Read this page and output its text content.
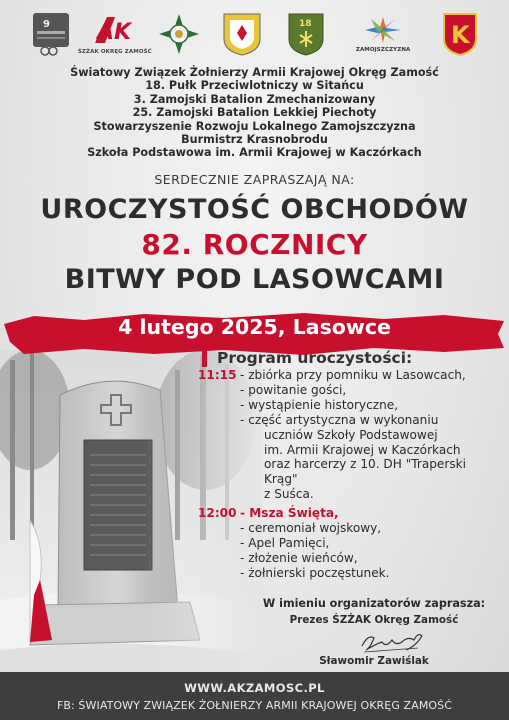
9 AK
ŚZŻAK OKRĘG ZAMOŚĆ
18
ZAMOJSZCZYZNA
K
Światowy Związek Żołnierzy Armii Krajowej Okręg Zamość
18. Pułk Przeciwlotniczy w Sitańcu
3. Zamojski Batalion Zmechanizowany
25. Zamojski Batalion Lekkiej Piechoty
Stowarzyszenie Rozwoju Lokalnego Zamojszczyzna
Burmistrz Krasnobrodu
Szkoła Podstawowa im. Armii Krajowej w Kaczórkach
SERDECZNIE ZAPRASZAJĄ NA:
UROCZYSTOŚĆ OBCHODÓW
82. ROCZNICY
BITWY POD LASOWCAMI
4 lutego 2025, Lasowce
Program uroczystości:
11:15 - zbiórka przy pomniku w Lasowcach,
- powitanie gości,
- wystąpienie historyczne,
- część artystyczna w wykonaniu
uczniów Szkoły Podstawowej
im. Armii Krajowej w Kaczórkach
oraz harcerzy z 10. DH "Traperski Krąg"
z Suśca.
12:00 - Msza Święta,
- ceremoniał wojskowy,
- Apel Pamięci,
- złożenie wieńców,
- żołnierski poczęstunek.
W imieniu organizatorów zaprasza:
Prezes ŚZŻAK Okręg Zamość
Sławomir Zawiślak
WWW.AKZAMOSC.PL
FB: ŚWIATOWY ZWIĄZEK ŻOŁNIERZY ARMII KRAJOWEJ OKRĘG ZAMOŚĆ
